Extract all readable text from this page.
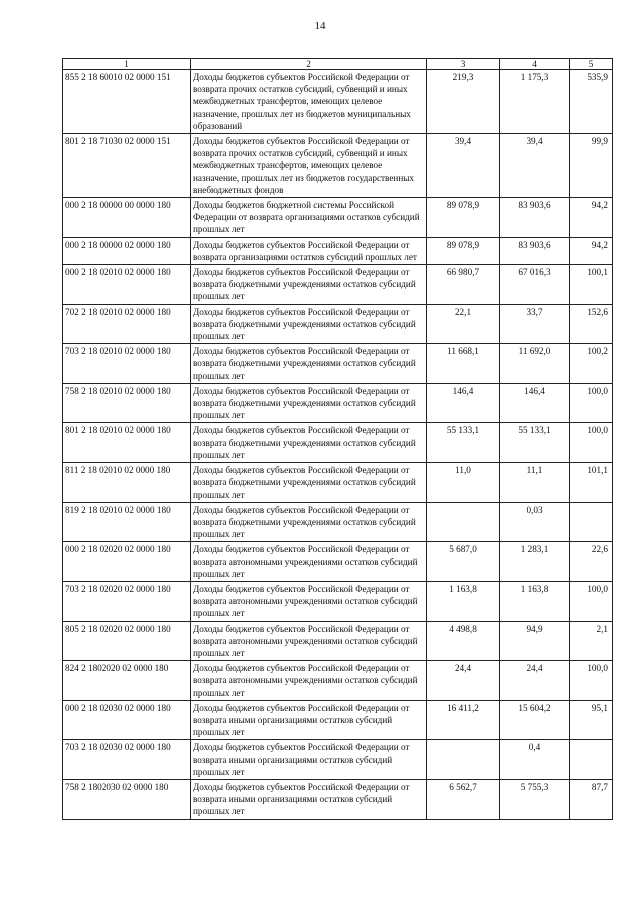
14
1	2	3	4	5
855 2 18 60010 02 0000 151	Доходы бюджетов субъектов Российской Федерации от возврата прочих остатков субсидий, субвенций и иных межбюджетных трансфертов, имеющих целевое назначение, прошлых лет из бюджетов муниципальных образований	219,3	1 175,3	535,9
801 2 18 71030 02 0000 151	Доходы бюджетов субъектов Российской Федерации от возврата прочих остатков субсидий, субвенций и иных межбюджетных трансфертов, имеющих целевое назначение, прошлых лет из бюджетов государственных внебюджетных фондов	39,4	39,4	99,9
000 2 18 00000 00 0000 180	Доходы бюджетов бюджетной системы Российской Федерации от возврата организациями остатков субсидий прошлых лет	89 078,9	83 903,6	94,2
000 2 18 00000 02 0000 180	Доходы бюджетов субъектов Российской Федерации от возврата организациями остатков субсидий прошлых лет	89 078,9	83 903,6	94,2
000 2 18 02010 02 0000 180	Доходы бюджетов субъектов Российской Федерации от возврата бюджетными учреждениями остатков субсидий прошлых лет	66 980,7	67 016,3	100,1
702 2 18 02010 02 0000 180	Доходы бюджетов субъектов Российской Федерации от возврата бюджетными учреждениями остатков субсидий прошлых лет	22,1	33,7	152,6
703 2 18 02010 02 0000 180	Доходы бюджетов субъектов Российской Федерации от возврата бюджетными учреждениями остатков субсидий прошлых лет	11 668,1	11 692,0	100,2
758 2 18 02010 02 0000 180	Доходы бюджетов субъектов Российской Федерации от возврата бюджетными учреждениями остатков субсидий прошлых лет	146,4	146,4	100,0
801 2 18 02010 02 0000 180	Доходы бюджетов субъектов Российской Федерации от возврата бюджетными учреждениями остатков субсидий прошлых лет	55 133,1	55 133,1	100,0
811 2 18 02010 02 0000 180	Доходы бюджетов субъектов Российской Федерации от возврата бюджетными учреждениями остатков субсидий прошлых лет	11,0	11,1	101,1
819 2 18 02010 02 0000 180	Доходы бюджетов субъектов Российской Федерации от возврата бюджетными учреждениями остатков субсидий прошлых лет		0,03	
000 2 18 02020 02 0000 180	Доходы бюджетов субъектов Российской Федерации от возврата автономными учреждениями остатков субсидий прошлых лет	5 687,0	1 283,1	22,6
703 2 18 02020 02 0000 180	Доходы бюджетов субъектов Российской Федерации от возврата автономными учреждениями остатков субсидий прошлых лет	1 163,8	1 163,8	100,0
805 2 18 02020 02 0000 180	Доходы бюджетов субъектов Российской Федерации от возврата автономными учреждениями остатков субсидий прошлых лет	4 498,8	94,9	2,1
824 2 1802020 02 0000 180	Доходы бюджетов субъектов Российской Федерации от возврата автономными учреждениями остатков субсидий прошлых лет	24,4	24,4	100,0
000 2 18 02030 02 0000 180	Доходы бюджетов субъектов Российской Федерации от возврата иными организациями остатков субсидий прошлых лет	16 411,2	15 604,2	95,1
703 2 18 02030 02 0000 180	Доходы бюджетов субъектов Российской Федерации от возврата иными организациями остатков субсидий прошлых лет		0,4	
758 2 1802030 02 0000 180	Доходы бюджетов субъектов Российской Федерации от возврата иными организациями остатков субсидий прошлых лет	6 562,7	5 755,3	87,7
